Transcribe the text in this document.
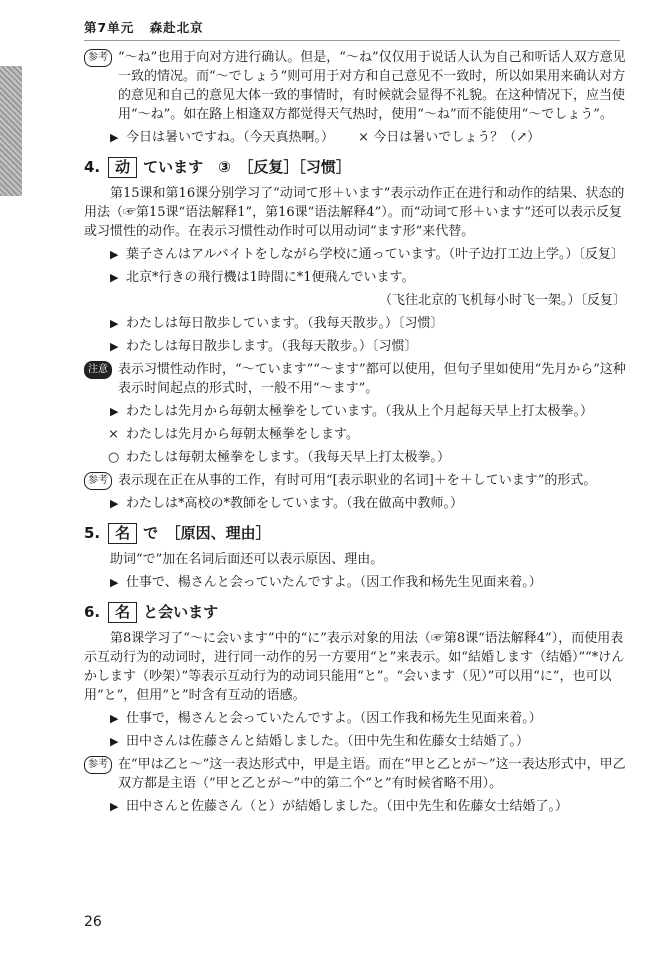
第7单元 森赴北京

参考 “～ね”也用于向对方进行确认。但是，“～ね”仅仅用于说话人认为自己和听话人双方意见一致的情况。而“～でしょう”则可用于对方和自己意见不一致时，所以如果用来确认对方的意见和自己的意见大体一致的事情时，有时候就会显得不礼貌。在这种情况下，应当使用“～ね”。如在路上相逢双方都觉得天气热时，使用“～ね”而不能使用“～でしょう”。

▶ 今日は暑いですね。（今天真热啊。） × 今日は暑いでしょう？（↗）
4. 动 ています　③　［反复］［习惯］

第15课和第16课分别学习了“动词て形＋います”表示动作正在进行和动作的结果、状态的用法（☞第15课“语法解释1”，第16课“语法解释4”）。而“动词て形＋います”还可以表示反复或习惯性的动作。在表示习惯性动作时可以用动词“ます形”来代替。

▶ 葉子さんはアルバイトをしながら学校に通っています。（叶子边打工边上学。）〔反复〕
▶ 北京*行きの飛行機は1時間に*1便飛んでいます。
（飞往北京的飞机每小时飞一架。）〔反复〕
▶ わたしは毎日散歩しています。（我每天散步。）〔习惯〕
▶ わたしは毎日散歩します。（我每天散步。）〔习惯〕

注意 表示习惯性动作时，“～ています”“～ます”都可以使用，但句子里如使用“先月から”这种表示时间起点的形式时，一般不用“～ます”。

▶ わたしは先月から毎朝太極拳をしています。（我从上个月起每天早上打太极拳。）
× わたしは先月から毎朝太極拳をします。
○ わたしは毎朝太極拳をします。（我每天早上打太极拳。）

参考 表示现在正在从事的工作，有时可用“[表示职业的名词]＋を＋しています”的形式。

▶ わたしは*高校の*教師をしています。（我在做高中教师。）
5. 名 で　［原因、理由］

助词“で”加在名词后面还可以表示原因、理由。

▶ 仕事で、楊さんと会っていたんですよ。（因工作我和杨先生见面来着。）
6. 名 と会います

第8课学习了“～に会います”中的“に”表示对象的用法（☞第8课“语法解释4”），而使用表示互动行为的动词时，进行同一动作的另一方要用“と”来表示。如“結婚します（结婚）”“*けんかします（吵架）”等表示互动行为的动词只能用“と”。“会います（见）”可以用“に”，也可以用“と”，但用“と”时含有互动的语感。

▶ 仕事で，楊さんと会っていたんですよ。（因工作我和杨先生见面来着。）
▶ 田中さんは佐藤さんと結婚しました。（田中先生和佐藤女士结婚了。）

参考 在“甲は乙と～”这一表达形式中，甲是主语。而在“甲と乙とが～”这一表达形式中，甲乙双方都是主语（“甲と乙とが～”中的第二个“と”有时候省略不用）。

▶ 田中さんと佐藤さん（と）が結婚しました。（田中先生和佐藤女士结婚了。）
26
